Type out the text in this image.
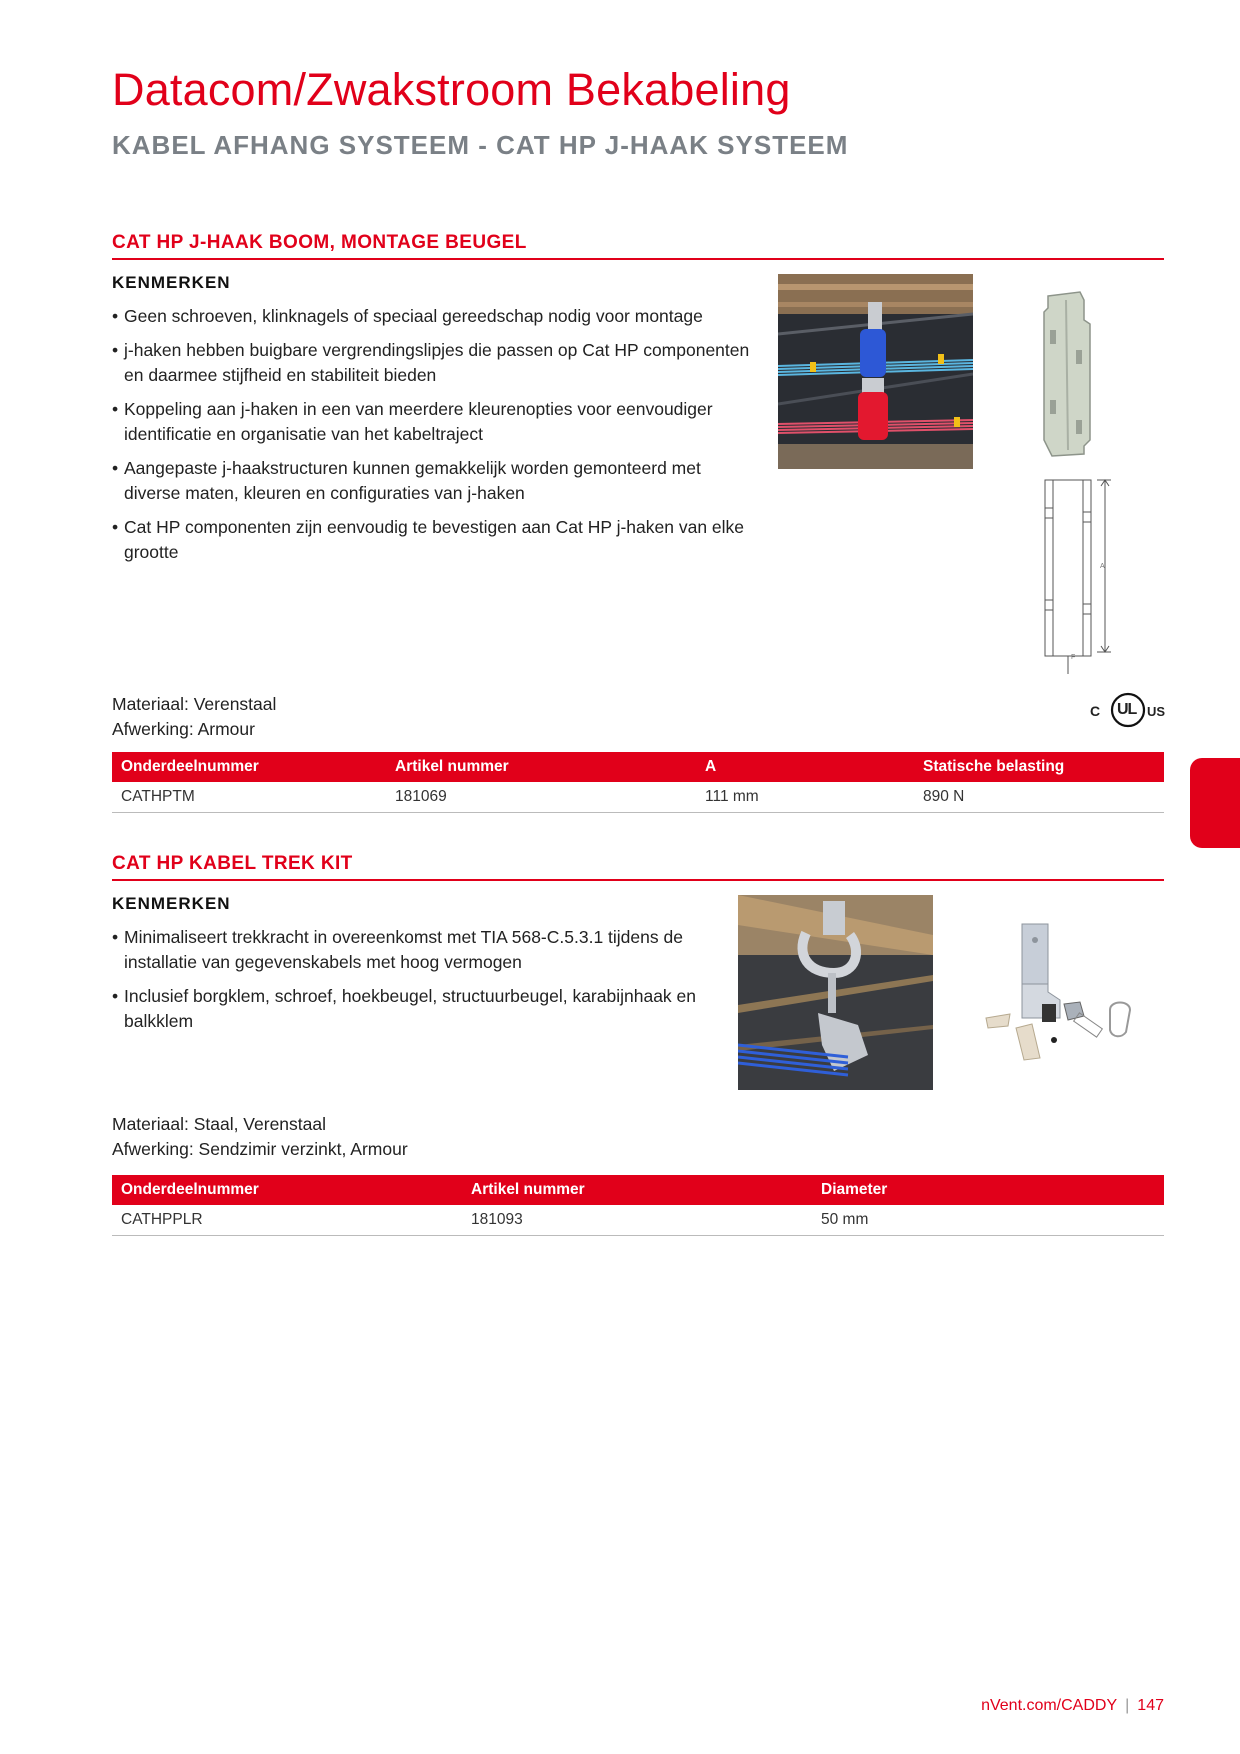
Datacom/Zwakstroom Bekabeling
KABEL AFHANG SYSTEEM - CAT HP J-HAAK SYSTEEM
CAT HP J-HAAK BOOM, MONTAGE BEUGEL
KENMERKEN
• Geen schroeven, klinknagels of speciaal gereedschap nodig voor montage
• j-haken hebben buigbare vergrendingslipjes die passen op Cat HP componenten en daarmee stijfheid en stabiliteit bieden
• Koppeling aan j-haken in een van meerdere kleurenopties voor eenvoudiger identificatie en organisatie van het kabeltraject
• Aangepaste j-haakstructuren kunnen gemakkelijk worden gemonteerd met diverse maten, kleuren en configuraties van j-haken
• Cat HP componenten zijn eenvoudig te bevestigen aan Cat HP j-haken van elke grootte
A
F
Materiaal: Verenstaal
Afwerking: Armour
C UL US
Onderdeelnummer	Artikel nummer	A	Statische belasting
CATHPTM	181069	111 mm	890 N
CAT HP KABEL TREK KIT
KENMERKEN
• Minimaliseert trekkracht in overeenkomst met TIA 568-C.5.3.1 tijdens de installatie van gegevenskabels met hoog vermogen
• Inclusief borgklem, schroef, hoekbeugel, structuurbeugel, karabijnhaak en balkklem
Materiaal: Staal, Verenstaal
Afwerking: Sendzimir verzinkt, Armour
Onderdeelnummer	Artikel nummer	Diameter
CATHPPLR	181093	50 mm
nVent.com/CADDY | 147
